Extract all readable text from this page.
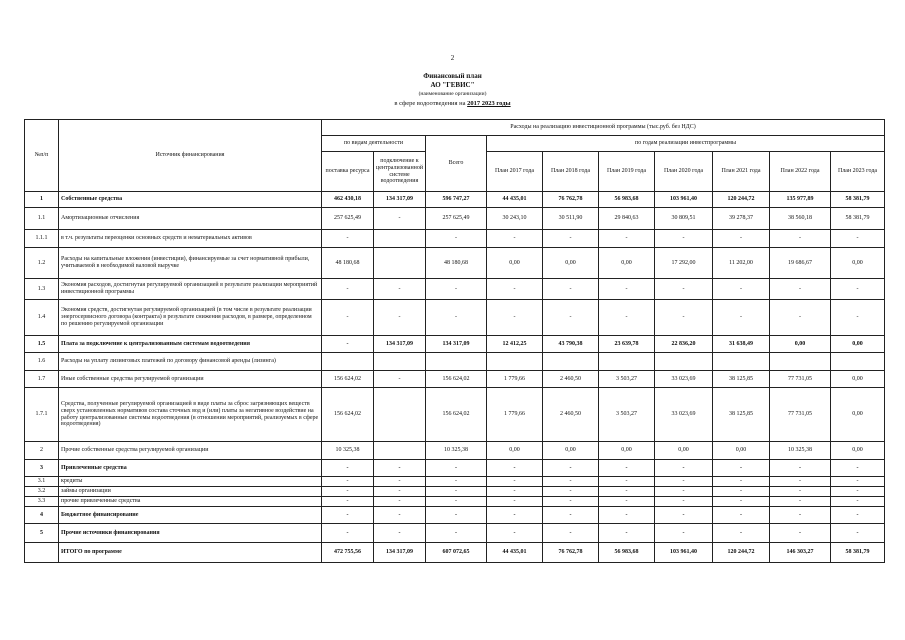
2
Финансовый план
АО "ГЕВИС"
(наименование организации)
в сфере водоотведения на 2017 2023 годы
№п/п	Источник финансирования	Расходы на реализацию инвестиционной программы (тыс.руб. без НДС)									
		по видам деятельности		Всего	по годам реализации инвестпрограммы						
		поставка ресурса	подключение к централизованной системе водоотведения		План 2017 года	План 2018 года	План 2019 года	План 2020 года	План 2021 года	План 2022 года	План 2023 года
1	Собственные средства	462 430,18	134 317,09	596 747,27	44 435,01	76 762,78	56 983,68	103 961,40	120 244,72	135 977,89	58 381,79
1.1	Амортизационные отчисления	257 625,49	-	257 625,49	30 243,10	30 511,90	29 840,63	30 809,51	39 278,37	38 560,18	58 381,79
1.1.1	в т.ч. результаты переоценки основных средств и нематериальных активов	-		-	-	-	-	-	-	-	-
1.2	Расходы на капитальные вложения (инвестиции), финансируемые за счет нормативной прибыли, учитываемой в необходимой валовой выручке	48 180,68		48 180,68	0,00	0,00	0,00	17 292,00	11 202,00	19 686,67	0,00
1.3	Экономия расходов, достигнутая регулируемой организацией в результате реализации мероприятий инвестиционной программы	-	-	-	-	-	-	-	-	-	-
1.4	Экономия средств, достигнутая регулируемой организацией (в том числе в результате реализации энергосервисного договора (контракта) в результате снижения расходов, в размере, определенном по решению регулируемой организации	-	-	-	-	-	-	-	-	-	-
1.5	Плата за подключение к централизованным системам водоотведения	-	134 317,09	134 317,09	12 412,25	43 790,38	23 639,78	22 836,20	31 638,49	0,00	0,00
1.6	Расходы на уплату лизинговых платежей по договору финансовой аренды (лизинга)										
1.7	Иные собственные средства регулируемой организации	156 624,02	-	156 624,02	1 779,66	2 460,50	3 503,27	33 023,69	38 125,85	77 731,05	0,00
1.7.1	Средства, полученные регулируемой организацией в виде платы за сброс загрязняющих веществ сверх установленных нормативов состава сточных вод и (или) платы за негативное воздействие на работу централизованные системы водоотведения (в отношении мероприятий, реализуемых в сфере водоотведения)	156 624,02		156 624,02	1 779,66	2 460,50	3 503,27	33 023,69	38 125,85	77 731,05	0,00
2	Прочие собственные средства регулируемой организации	10 325,38		10 325,38	0,00	0,00	0,00	0,00	0,00	10 325,38	0,00
3	Привлеченные средства	-	-	-	-	-	-	-	-	-	-
3.1	кредиты	-	-	-	-	-	-	-	-	-	-
3.2	займы организации	-	-	-	-	-	-	-	-	-	-
3.3	прочие привлеченные средства	-	-	-	-	-	-	-	-	-	-
4	Бюджетное финансирование	-	-	-	-	-	-	-	-	-	-
5	Прочие источники финансирования	-	-	-	-	-	-	-	-	-	-
	ИТОГО по программе	472 755,56	134 317,09	607 072,65	44 435,01	76 762,78	56 983,68	103 961,40	120 244,72	146 303,27	58 381,79
